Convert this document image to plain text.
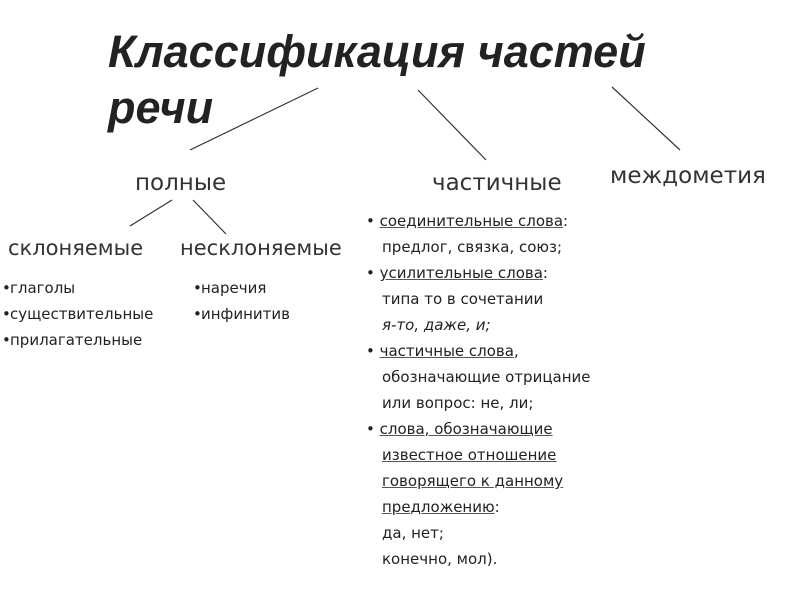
Классификация частей речи
полные	частичные междометия
склоняемые несклоняемые
• глаголы
• существительные
• прилагательные
• наречия
• инфинитив
• соединительные слова:
предлог, связка, союз;
• усилительные слова:
типа то в сочетании
я-то, даже, и;
• частичные слова,
обозначающие отрицание
или вопрос: не, ли;
• слова, обозначающие
известное отношение
говорящего к данному
предложению:
да, нет;
конечно, мол).
